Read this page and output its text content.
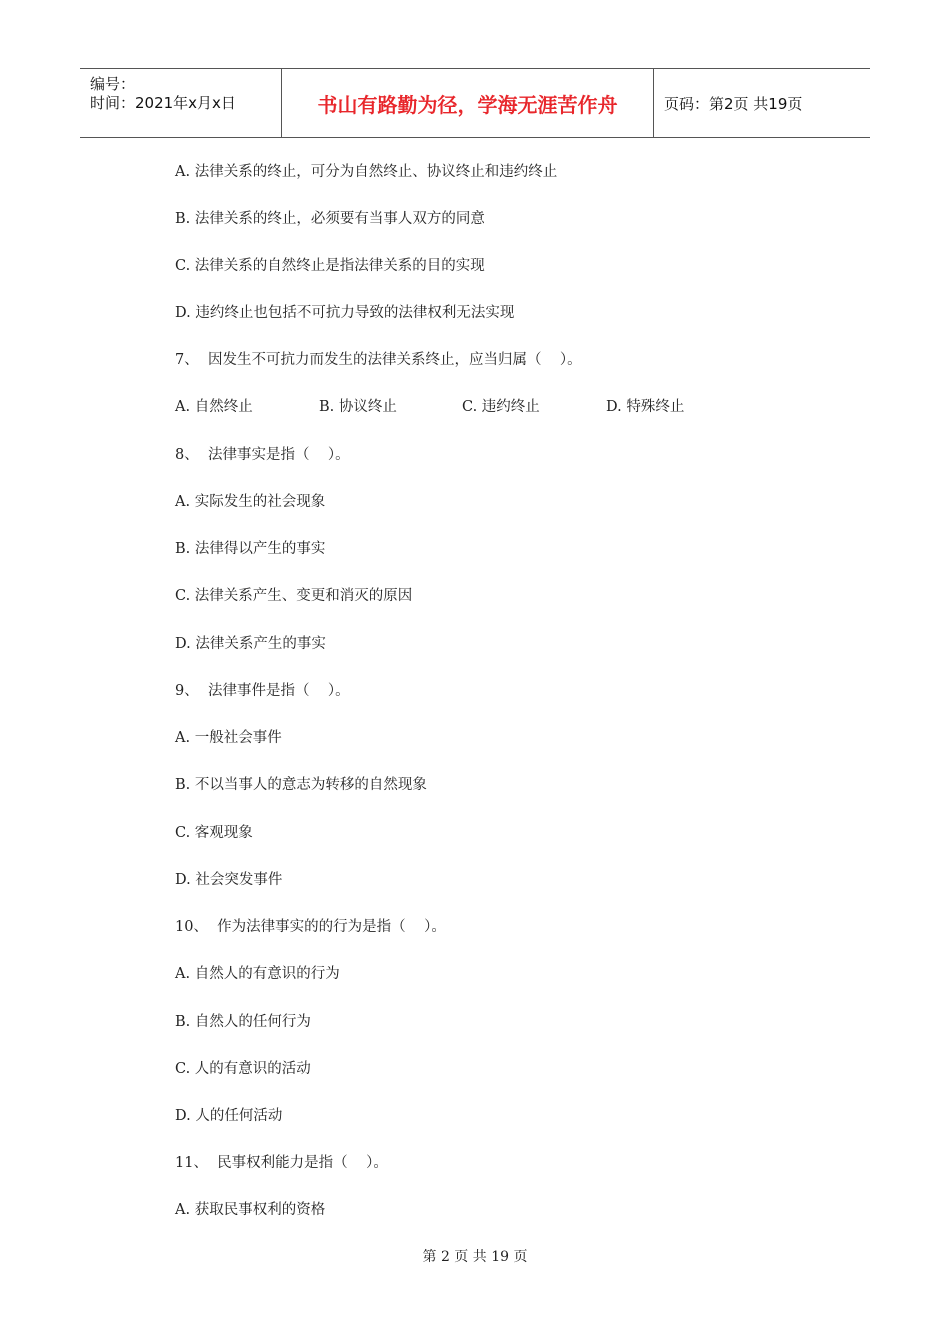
编号：
时间：2021年x月x日	书山有路勤为径，学海无涯苦作舟	页码：第2页 共19页
A. 法律关系的终止，可分为自然终止、协议终止和违约终止
B. 法律关系的终止，必须要有当事人双方的同意
C. 法律关系的自然终止是指法律关系的目的实现
D. 违约终止也包括不可抗力导致的法律权利无法实现
7、  因发生不可抗力而发生的法律关系终止，应当归属（    ）。
A. 自然终止	B. 协议终止	C. 违约终止	D. 特殊终止
8、  法律事实是指（    ）。
A. 实际发生的社会现象
B. 法律得以产生的事实
C. 法律关系产生、变更和消灭的原因
D. 法律关系产生的事实
9、  法律事件是指（    ）。
A. 一般社会事件
B. 不以当事人的意志为转移的自然现象
C. 客观现象
D. 社会突发事件
10、  作为法律事实的的行为是指（    ）。
A. 自然人的有意识的行为
B. 自然人的任何行为
C. 人的有意识的活动
D. 人的任何活动
11、  民事权利能力是指（    ）。
A. 获取民事权利的资格
第 2 页 共 19 页
